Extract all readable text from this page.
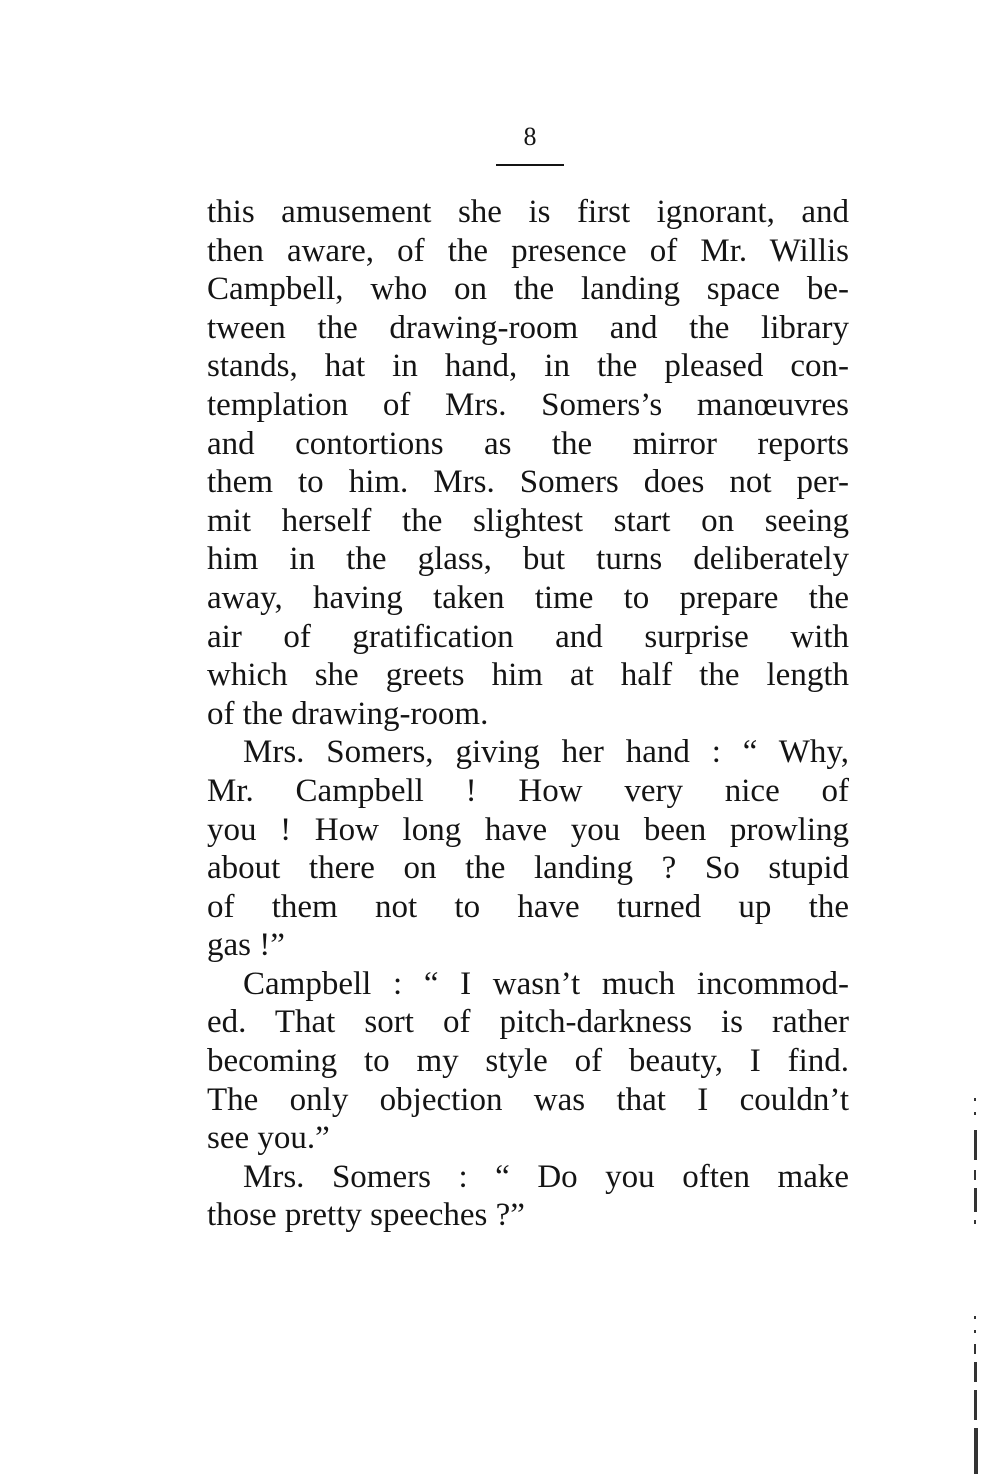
8
this amusement she is first ignorant, and
then aware, of the presence of Mr. Willis
Campbell, who on the landing space be-
tween the drawing-room and the library
stands, hat in hand, in the pleased con-
templation of Mrs. Somers’s manœuvres
and contortions as the mirror reports
them to him. Mrs. Somers does not per-
mit herself the slightest start on seeing
him in the glass, but turns deliberately
away, having taken time to prepare the
air of gratification and surprise with
which she greets him at half the length
of the drawing-room.
Mrs. Somers, giving her hand : “ Why,
Mr. Campbell ! How very nice of
you ! How long have you been prowling
about there on the landing ? So stupid
of them not to have turned up the
gas !”
Campbell : “ I wasn’t much incommod-
ed. That sort of pitch-darkness is rather
becoming to my style of beauty, I find.
The only objection was that I couldn’t
see you.”
Mrs. Somers : “ Do you often make
those pretty speeches ?”
